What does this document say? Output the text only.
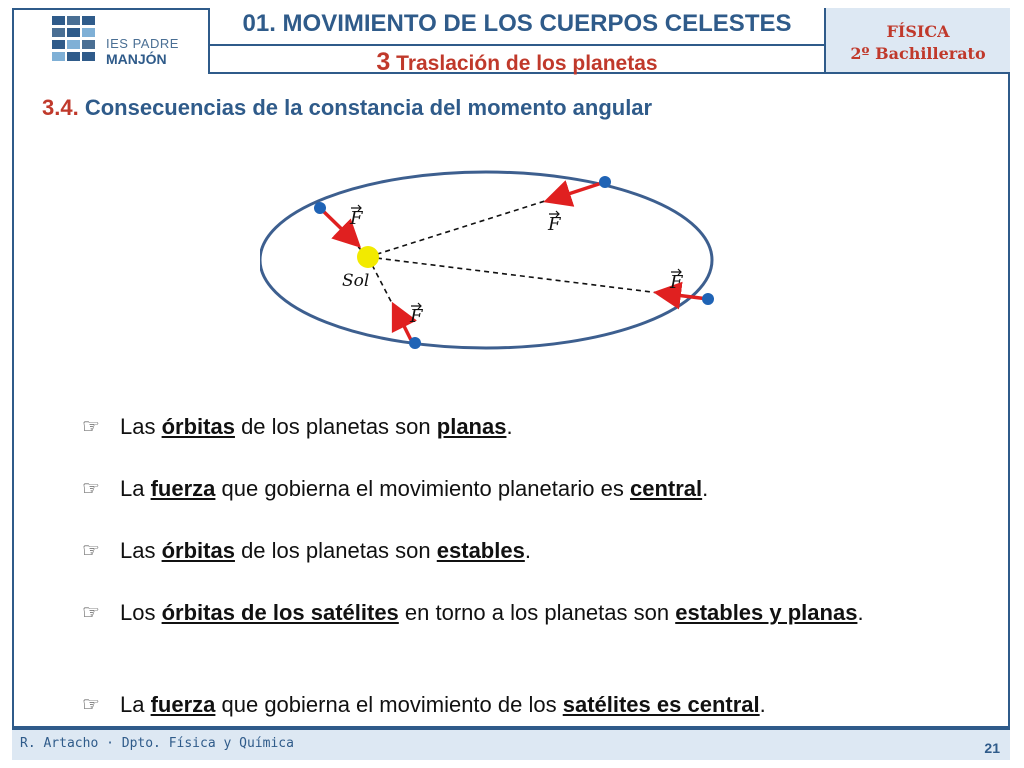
IES PADRE
MANJÓN
01. MOVIMIENTO DE LOS CUERPOS CELESTES
3 Traslación de los planetas
FÍSICA
2º Bachillerato
3.4. Consecuencias de la constancia del momento angular
Sol
F	F
F
F
☞ Las órbitas de los planetas son planas.
☞ La fuerza que gobierna el movimiento planetario es central.
☞ Las órbitas de los planetas son estables.
☞ Los órbitas de los satélites en torno a los planetas son estables y planas.
☞ La fuerza que gobierna el movimiento de los satélites es central.
R. Artacho · Dpto. Física y Química	21
